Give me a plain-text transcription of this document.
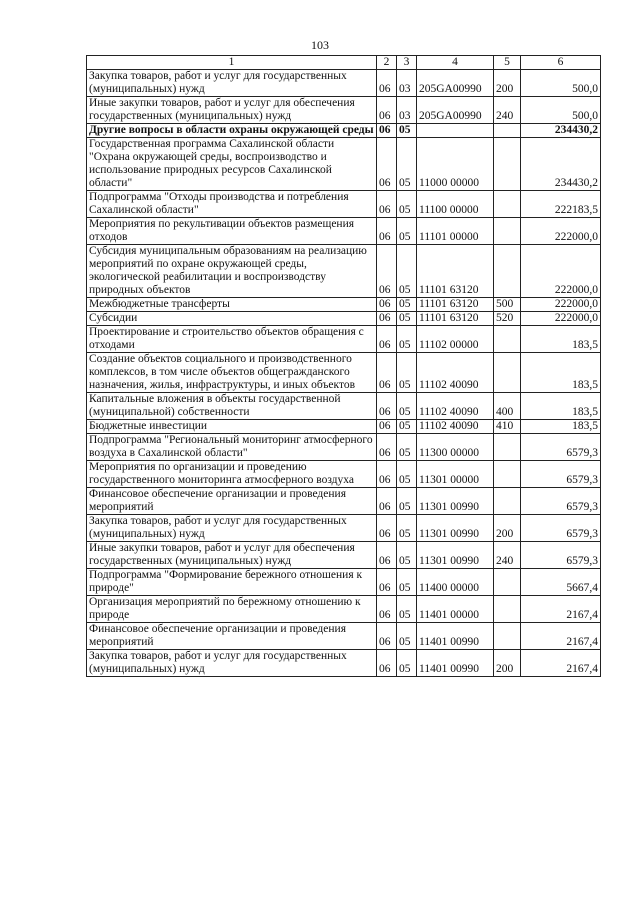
103
1	2	3	4	5	6
Закупка товаров, работ и услуг для государственных (муниципальных) нужд	06	03	205GA00990	200	500,0
Иные закупки товаров, работ и услуг для обеспечения государственных (муниципальных) нужд	06	03	205GA00990	240	500,0
Другие вопросы в области охраны окружающей среды	06	05			234430,2
Государственная программа Сахалинской области "Охрана окружающей среды, воспроизводство и использование природных ресурсов Сахалинской области"	06	05	11000 00000		234430,2
Подпрограмма "Отходы производства и потребления Сахалинской области"	06	05	11100 00000		222183,5
Мероприятия по рекультивации объектов размещения отходов	06	05	11101 00000		222000,0
Субсидия муниципальным образованиям на реализацию мероприятий по охране окружающей среды, экологической реабилитации и воспроизводству природных объектов	06	05	11101 63120		222000,0
Межбюджетные трансферты	06	05	11101 63120	500	222000,0
Субсидии	06	05	11101 63120	520	222000,0
Проектирование и строительство объектов обращения с отходами	06	05	11102 00000		183,5
Создание объектов социального и производственного комплексов, в том числе объектов общегражданского назначения, жилья, инфраструктуры, и иных объектов	06	05	11102 40090		183,5
Капитальные вложения в объекты государственной (муниципальной) собственности	06	05	11102 40090	400	183,5
Бюджетные инвестиции	06	05	11102 40090	410	183,5
Подпрограмма "Региональный мониторинг атмосферного воздуха в Сахалинской области"	06	05	11300 00000		6579,3
Мероприятия по организации и проведению государственного мониторинга атмосферного воздуха	06	05	11301 00000		6579,3
Финансовое обеспечение организации и проведения мероприятий	06	05	11301 00990		6579,3
Закупка товаров, работ и услуг для государственных (муниципальных) нужд	06	05	11301 00990	200	6579,3
Иные закупки товаров, работ и услуг для обеспечения государственных (муниципальных) нужд	06	05	11301 00990	240	6579,3
Подпрограмма "Формирование бережного отношения к природе"	06	05	11400 00000		5667,4
Организация мероприятий по бережному отношению к природе	06	05	11401 00000		2167,4
Финансовое обеспечение организации и проведения мероприятий	06	05	11401 00990		2167,4
Закупка товаров, работ и услуг для государственных (муниципальных) нужд	06	05	11401 00990	200	2167,4
